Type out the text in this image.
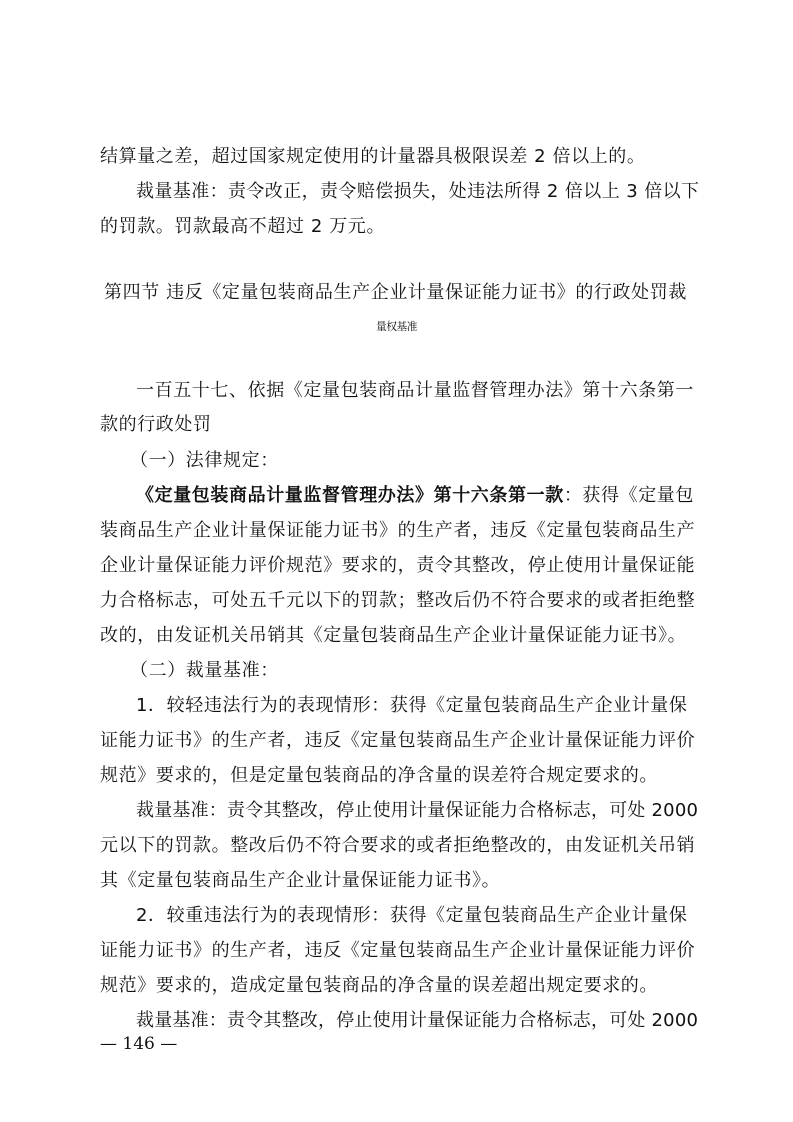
结算量之差，超过国家规定使用的计量器具极限误差 2 倍以上的。
裁量基准：责令改正，责令赔偿损失，处违法所得 2 倍以上 3 倍以下
的罚款。罚款最高不超过 2 万元。
第四节 违反《定量包装商品生产企业计量保证能力证书》的行政处罚裁
量权基准
一百五十七、依据《定量包装商品计量监督管理办法》第十六条第一
款的行政处罚
（一）法律规定：
《定量包装商品计量监督管理办法》第十六条第一款：获得《定量包
装商品生产企业计量保证能力证书》的生产者，违反《定量包装商品生产
企业计量保证能力评价规范》要求的，责令其整改，停止使用计量保证能
力合格标志，可处五千元以下的罚款；整改后仍不符合要求的或者拒绝整
改的，由发证机关吊销其《定量包装商品生产企业计量保证能力证书》。
（二）裁量基准：
1．较轻违法行为的表现情形：获得《定量包装商品生产企业计量保
证能力证书》的生产者，违反《定量包装商品生产企业计量保证能力评价
规范》要求的，但是定量包装商品的净含量的误差符合规定要求的。
裁量基准：责令其整改，停止使用计量保证能力合格标志，可处 2000
元以下的罚款。整改后仍不符合要求的或者拒绝整改的，由发证机关吊销
其《定量包装商品生产企业计量保证能力证书》。
2．较重违法行为的表现情形：获得《定量包装商品生产企业计量保
证能力证书》的生产者，违反《定量包装商品生产企业计量保证能力评价
规范》要求的，造成定量包装商品的净含量的误差超出规定要求的。
裁量基准：责令其整改，停止使用计量保证能力合格标志，可处 2000
— 146 —
